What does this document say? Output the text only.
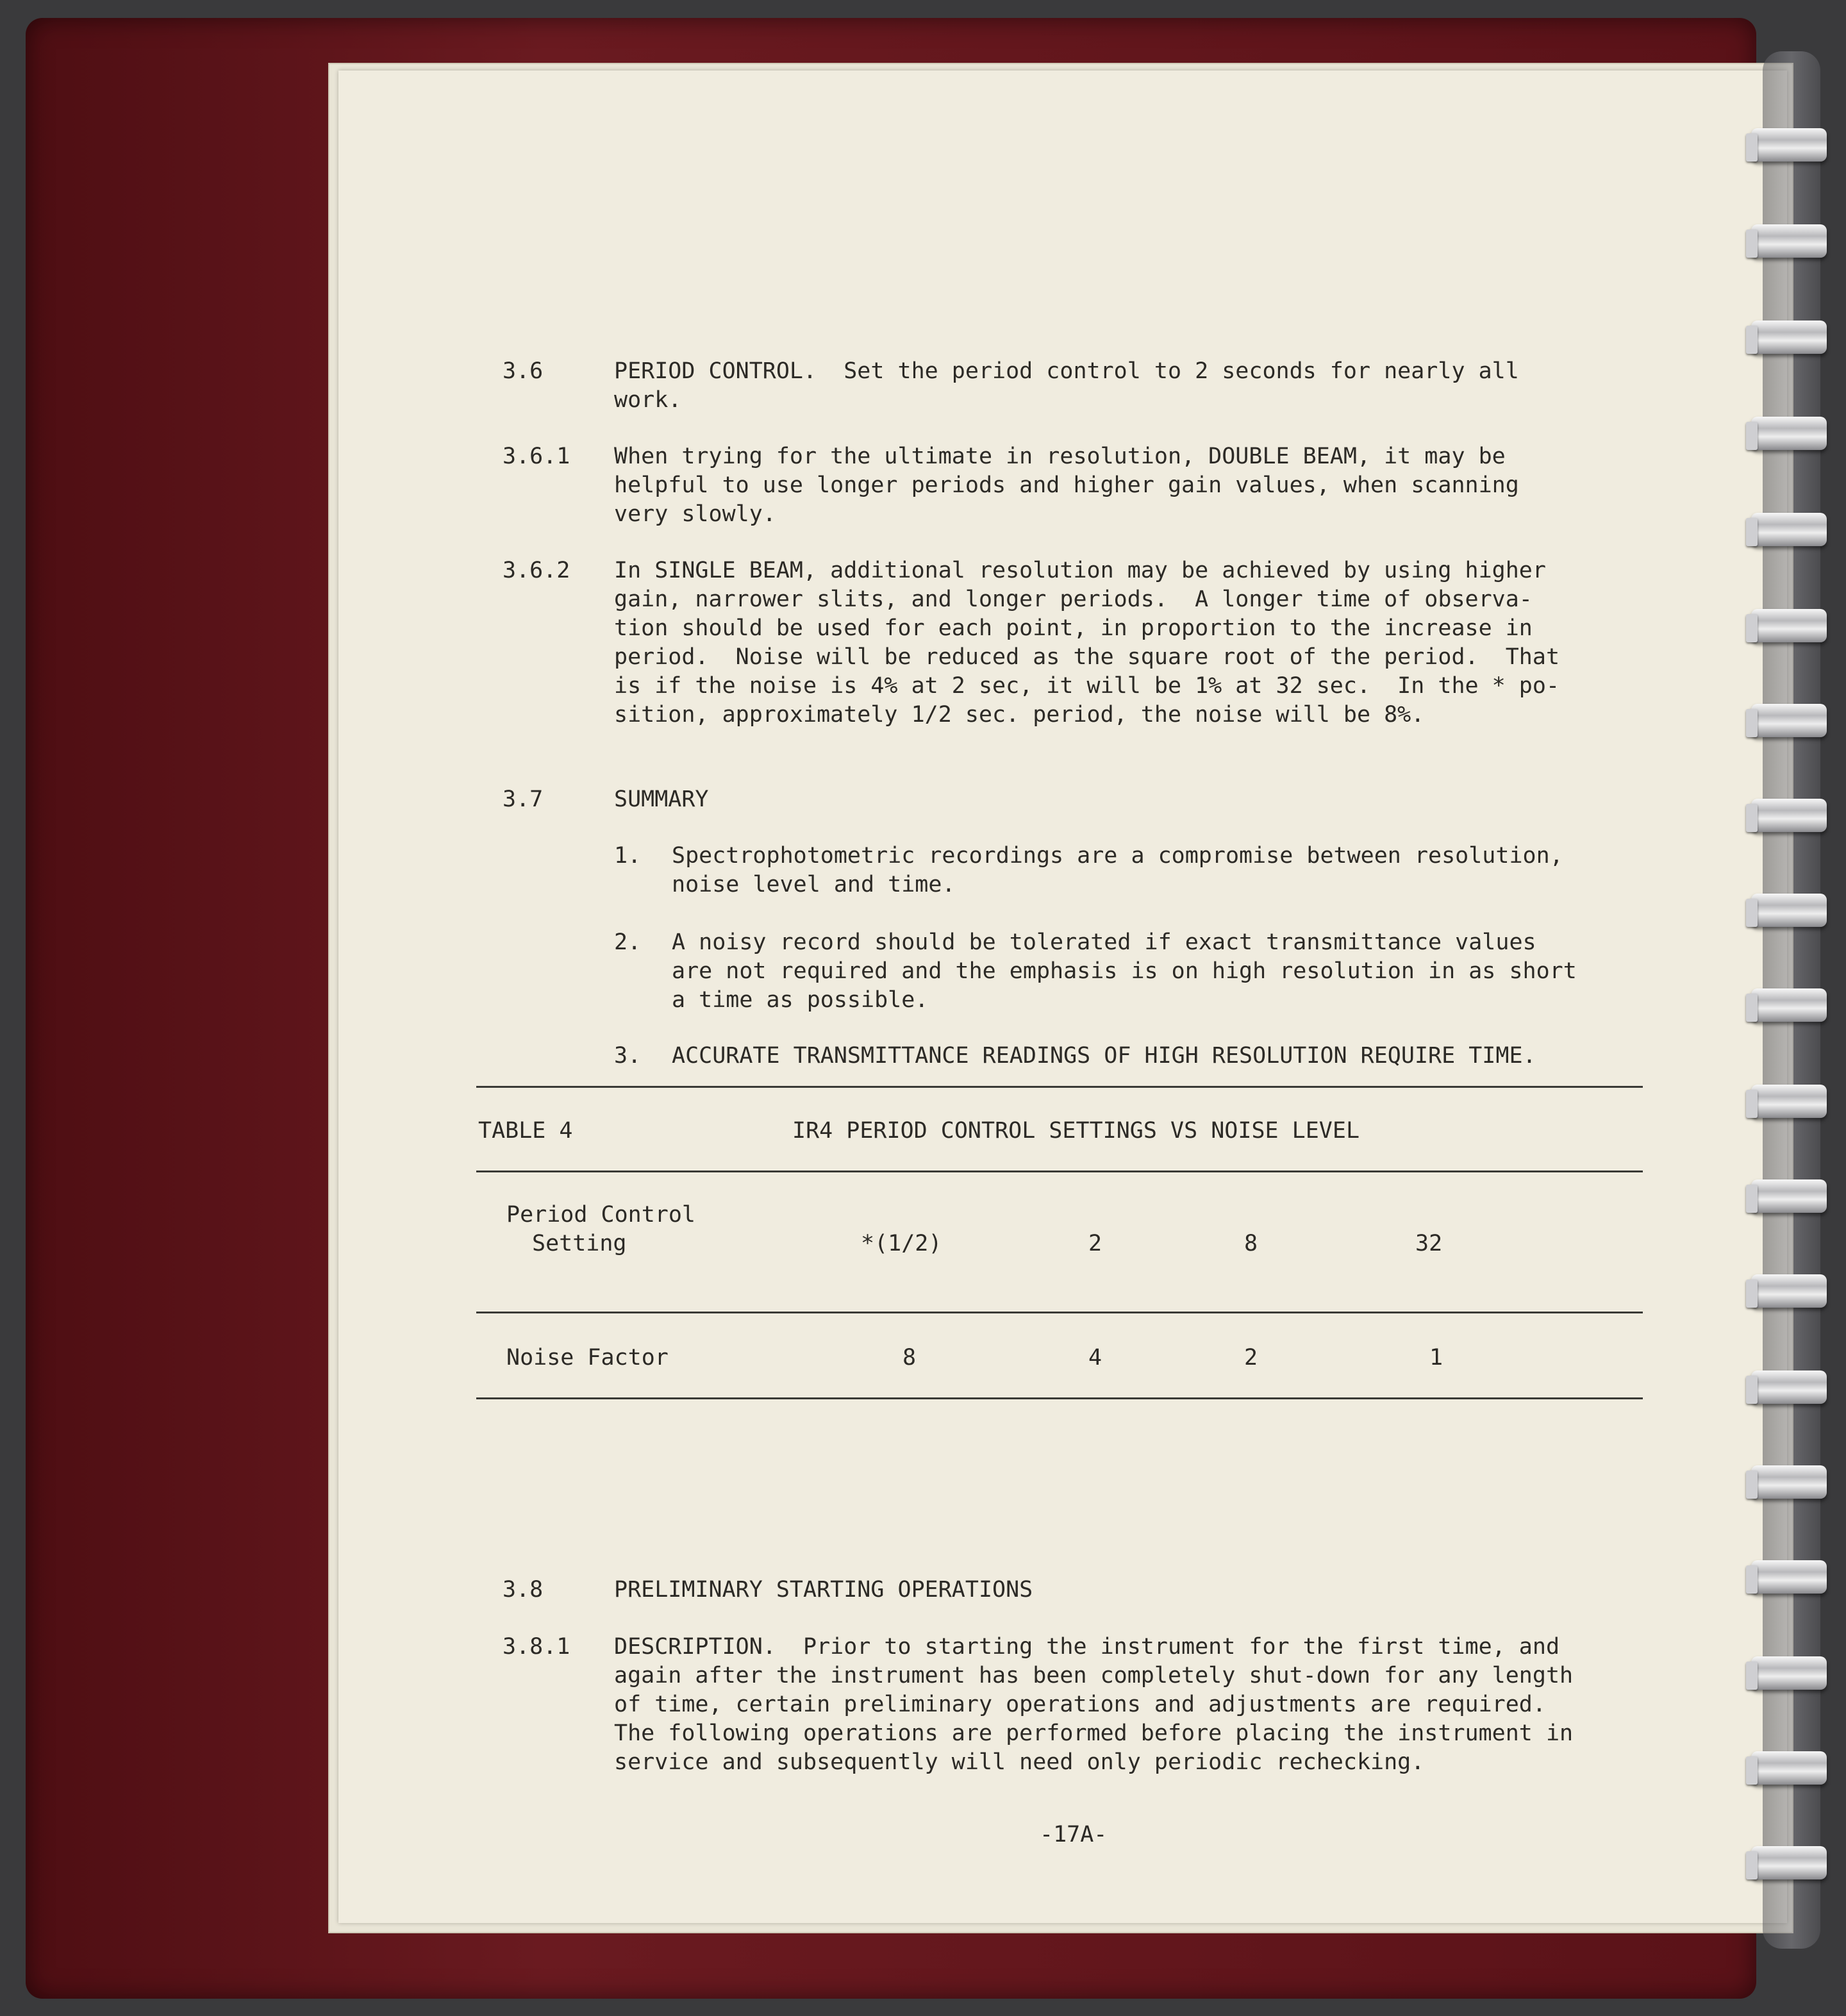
3.6	PERIOD CONTROL.  Set the period control to 2 seconds for nearly all
work.
3.6.1 When trying for the ultimate in resolution, DOUBLE BEAM, it may be
helpful to use longer periods and higher gain values, when scanning
very slowly.
3.6.2 In SINGLE BEAM, additional resolution may be achieved by using higher
gain, narrower slits, and longer periods.  A longer time of observa-
tion should be used for each point, in proportion to the increase in
period.  Noise will be reduced as the square root of the period.  That
is if the noise is 4% at 2 sec, it will be 1% at 32 sec.  In the * po-
sition, approximately 1/2 sec. period, the noise will be 8%.
3.7	SUMMARY
1. Spectrophotometric recordings are a compromise between resolution,
noise level and time.
2. A noisy record should be tolerated if exact transmittance values
are not required and the emphasis is on high resolution in as short
a time as possible.
3. ACCURATE TRANSMITTANCE READINGS OF HIGH RESOLUTION REQUIRE TIME.
TABLE 4	IR4 PERIOD CONTROL SETTINGS VS NOISE LEVEL
Period Control
Setting	*(1/2)	2	8	32
Noise Factor	8	4	2	1
3.8	PRELIMINARY STARTING OPERATIONS
3.8.1 DESCRIPTION.  Prior to starting the instrument for the first time, and
again after the instrument has been completely shut-down for any length
of time, certain preliminary operations and adjustments are required.
The following operations are performed before placing the instrument in
service and subsequently will need only periodic rechecking.
-17A-
